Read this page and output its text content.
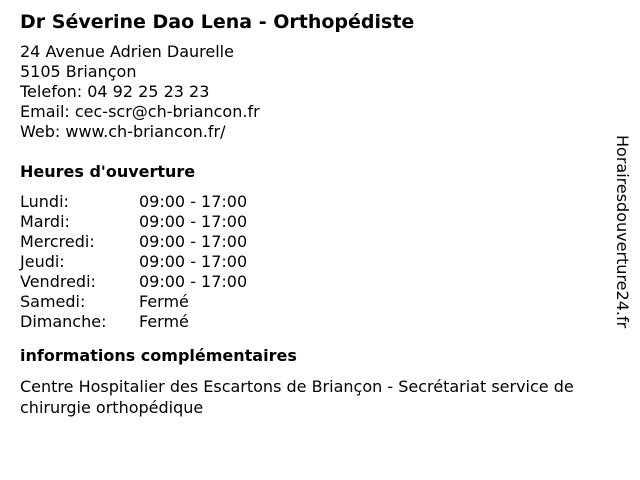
Dr Séverine Dao Lena - Orthopédiste
24 Avenue Adrien Daurelle
5105 Briançon
Telefon: 04 92 25 23 23
Email: cec-scr@ch-briancon.fr
Web: www.ch-briancon.fr/
Heures d'ouverture
Lundi:	09:00 - 17:00
Mardi:	09:00 - 17:00
Mercredi:	09:00 - 17:00
Jeudi:	09:00 - 17:00
Vendredi:	09:00 - 17:00
Samedi:	Fermé
Dimanche:	Fermé
informations complémentaires

Centre Hospitalier des Escartons de Briançon - Secrétariat service de chirurgie orthopédique

Horairesdouverture24.fr
